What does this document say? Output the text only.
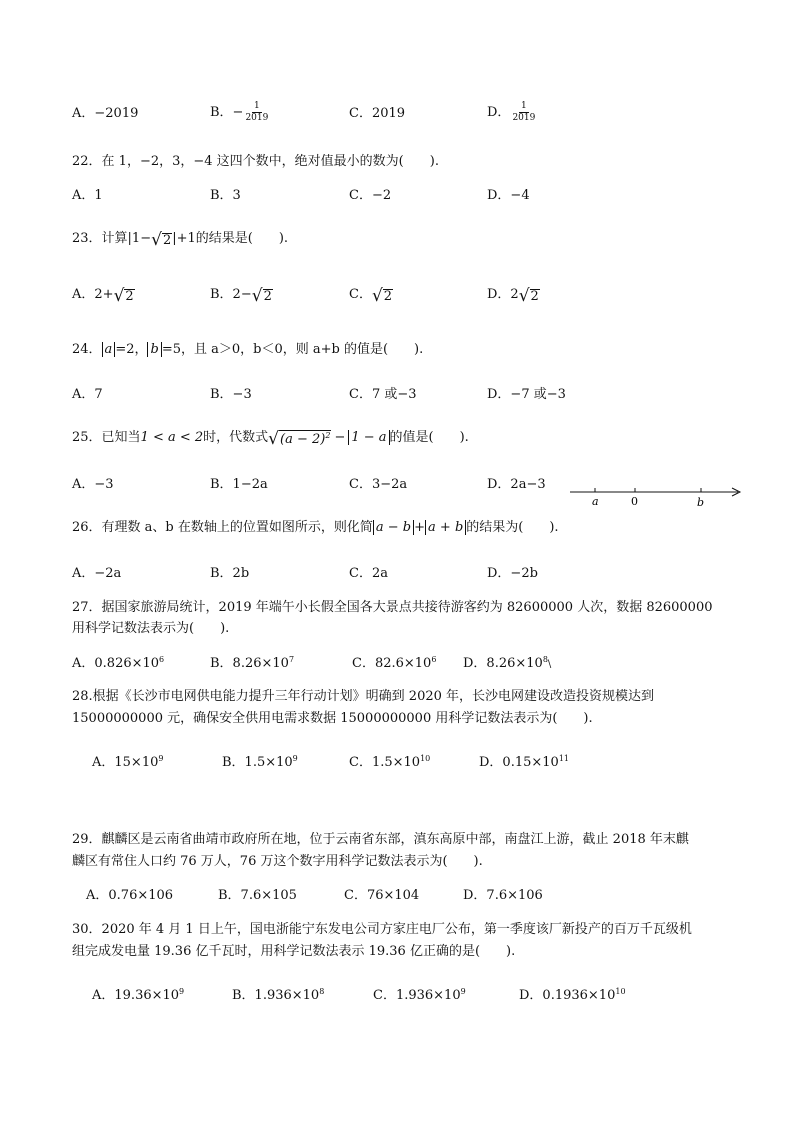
A．−2019	B．− $\frac{1}{2019}$	C．2019	D． $\frac{1}{2019}$
22．在 1，−2，3，−4 这四个数中，绝对值最小的数为(　　).
A．1	B．3	C．−2	D．−4
23．计算|1− √ 2 |+1的结果是(　　).
A．2+ √ 2	B．2− √ 2	C． √ 2	D．2 √ 2
24． a =2， b =5，且 a＞0，b＜0，则 a+b 的值是(　　).
A．7	B．−3	C．7 或−3	D．−7 或−3
25．已知当1 < a < 2时，代数式 √ $(a - 2)^2 - 1 - a$ 的值是(　　).
A．−3	B．1−2a	C．3−2a	D．2a−3
a	0	b
26．有理数 a、b 在数轴上的位置如图所示，则化简 a − b + a + b 的结果为(　　).
A．−2a	B．2b	C．2a	D．−2b
27．据国家旅游局统计，2019 年端午小长假全国各大景点共接待游客约为 82600000 人次，数据 82600000
用科学记数法表示为(　　).
A．$0.826\times 10^6$	B．$8.26\times 10^7$	C．$82.6\times 10^6$ D．$8.26\times 10^8\backslash$
28.根据《长沙市电网供电能力提升三年行动计划》明确到 2020 年，长沙电网建设改造投资规模达到
15000000000 元，确保安全供用电需求数据 15000000000 用科学记数法表示为(　　).
A．$15\times 10^9$	B．$1.5\times 10^9$	C．$1.5\times 10^{10}$	D．$0.15\times 10^{11}$
29．麒麟区是云南省曲靖市政府所在地，位于云南省东部，滇东高原中部，南盘江上游，截止 2018 年末麒
麟区有常住人口约 76 万人，76 万这个数字用科学记数法表示为(　　).
A．0.76×106	B．7.6×105	C．76×104	D．7.6×106
30．2020 年 4 月 1 日上午，国电浙能宁东发电公司方家庄电厂公布，第一季度该厂新投产的百万千瓦级机
组完成发电量 19.36 亿千瓦时，用科学记数法表示 19.36 亿正确的是(　　).
A．$19.36\times 10^9$	B．$1.936\times 10^8$	C．$1.936\times 10^9$	D．$0.1936\times 10^{10}$
